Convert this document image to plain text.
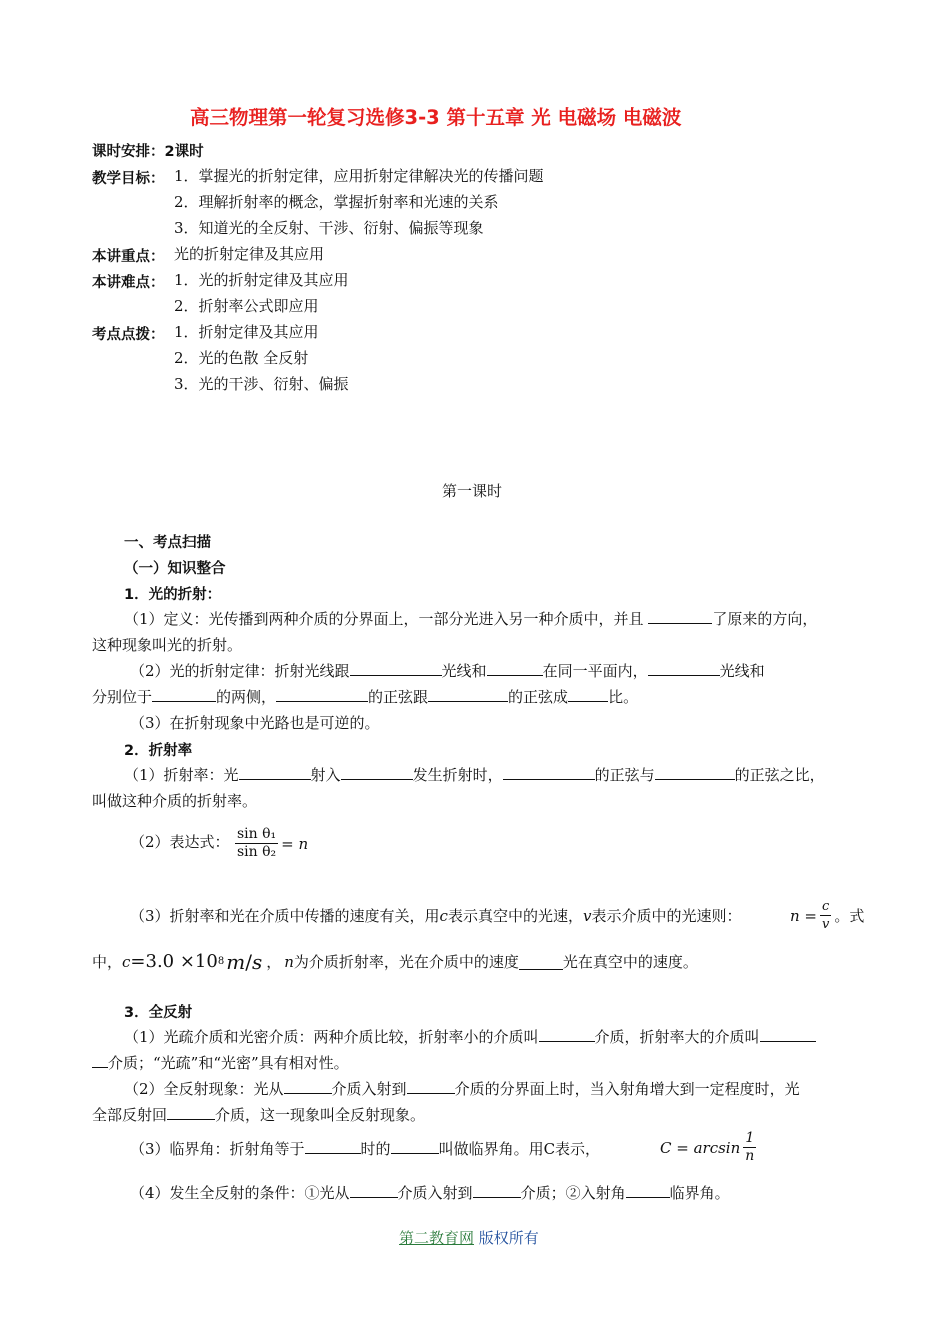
高三物理第一轮复习选修3-3 第十五章 光 电磁场 电磁波
课时安排：2课时
教学目标： 1．掌握光的折射定律，应用折射定律解决光的传播问题
2．理解折射率的概念，掌握折射率和光速的关系
3．知道光的全反射、干涉、衍射、偏振等现象
本讲重点： 光的折射定律及其应用
本讲难点： 1．光的折射定律及其应用
2．折射率公式即应用
考点点拨： 1．折射定律及其应用
2．光的色散 全反射
3．光的干涉、衍射、偏振
第一课时
一、考点扫描
（一）知识整合
1．光的折射：
（1）定义：光传播到两种介质的分界面上，一部分光进入另一种介质中，并且	了原来的方向，
这种现象叫光的折射。
（2）光的折射定律：折射光线跟	光线和	在同一平面内，	光线和
分别位于	的两侧，	的正弦跟	的正弦成	比。
（3）在折射现象中光路也是可逆的。
2．折射率
（1）折射率：光	射入	发生折射时，	的正弦与	的正弦之比，
叫做这种介质的折射率。
（2）表达式： $\frac{\text{sin θ₁}}{\text{sin θ₂}} = n$
（3）折射率和光在介质中传播的速度有关，用c表示真空中的光速，v表示介质中的光速则：	$n = \frac{c}{v}$ 。式
中， c =3.0 ×10 8 m / s ， n 为介质折射率，光在介质中的速度	光在真空中的速度。
3．全反射
（1）光疏介质和光密介质：两种介质比较，折射率小的介质叫	介质，折射率大的介质叫
介质；“光疏”和“光密”具有相对性。
（2）全反射现象：光从	介质入射到	介质的分界面上时，当入射角增大到一定程度时，光
全部反射回	介质，这一现象叫全反射现象。
（3）临界角：折射角等于	时的	叫做临界角。用C表示，	$C = \arcsin \frac{1}{n}$
（4）发生全反射的条件：①光从	介质入射到	介质；②入射角	临界角。
第二教育网 版权所有
